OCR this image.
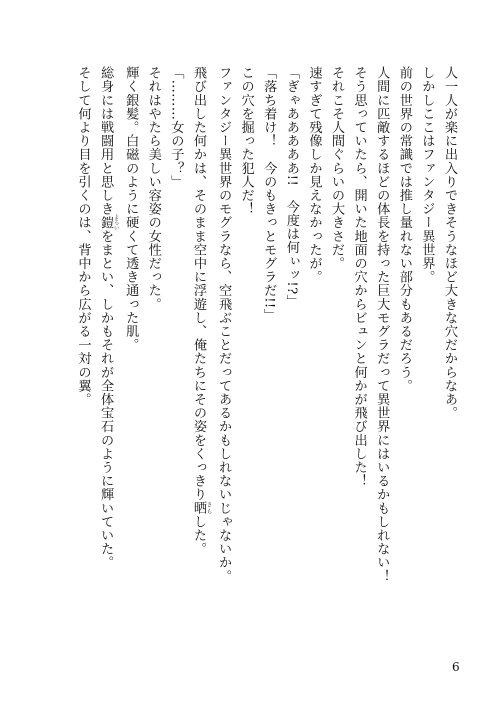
人一人が楽に出入りできそうなほど大きな穴だからなあ。
しかしここはファンタジー異世界。
前の世界の常識では推し量れない部分もあるだろう。
人間に匹敵するほどの体長を持った巨大モグラだって異世界にはいるかもしれない！
そう思っていたら、開いた地面の穴からビュンと何かが飛び出した！
それこそ人間ぐらいの大きさだ。
速すぎて残像しか見えなかったが。
「ぎゃあああああ!!　今度は何ぃッ!?」
「落ち着け！　今のもきっとモグラだ!!」
この穴を掘った犯人だ！
ファンタジー異世界のモグラなら、空飛ぶことだってあるかもしれないじゃないか。
飛び出した何かは、そのまま空中に浮遊し、俺たちにその姿をくっきり晒 さらした。
「………女の子？」
それはやたら美しい容姿の女性だった。
輝く銀髪。白磁のように硬くて透き通った肌。
総身には戦闘用と思しき鎧 よろいをまとい、しかもそれが全体宝石のように輝いていた。
そして何より目を引くのは、背中から広がる一対の翼。
6
